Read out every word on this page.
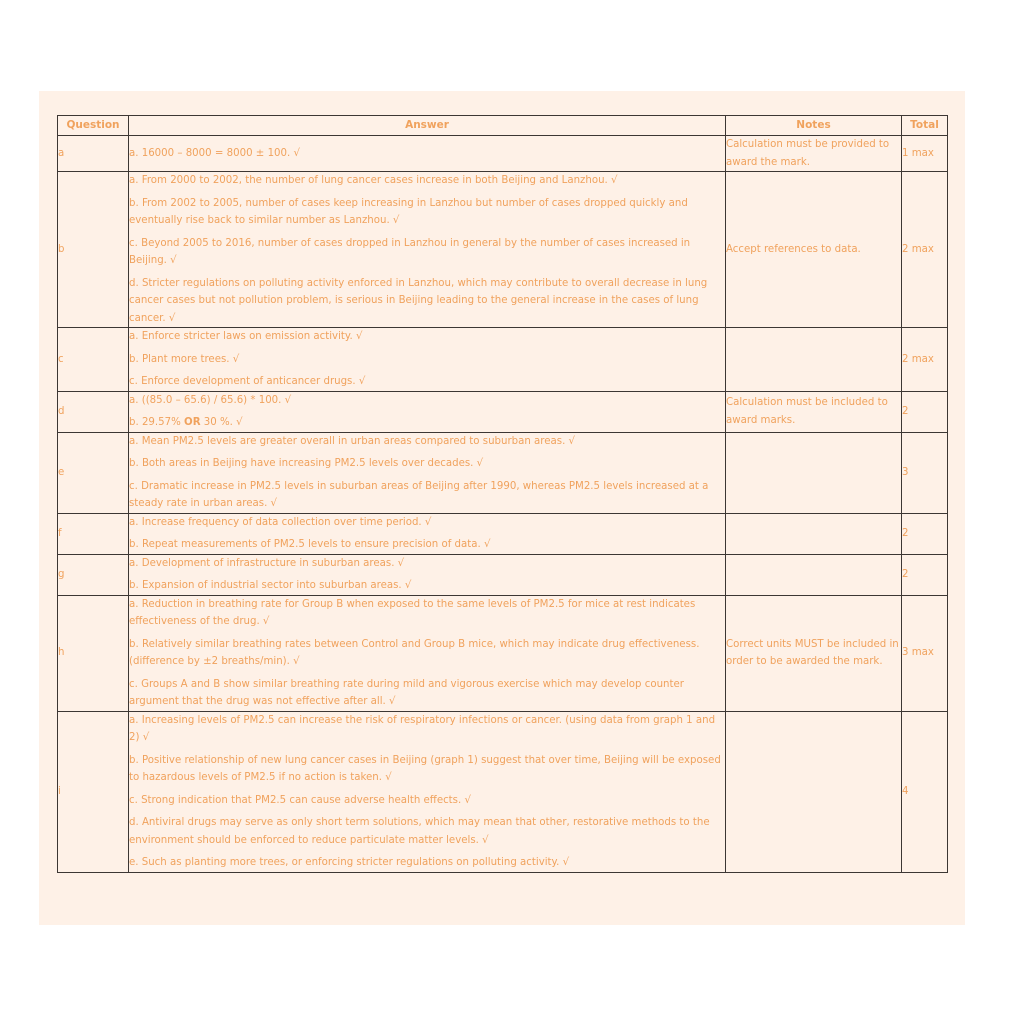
Question	Answer	Notes	Total
a	a. 16000 – 8000 = 8000 ± 100. √	Calculation must be provided to award the mark.	1 max
b	a. From 2000 to 2002, the number of lung cancer cases increase in both Beijing and Lanzhou. √

b. From 2002 to 2005, number of cases keep increasing in Lanzhou but number of cases dropped quickly and eventually rise back to similar number as Lanzhou. √

c. Beyond 2005 to 2016, number of cases dropped in Lanzhou in general by the number of cases increased in Beijing. √

d. Stricter regulations on polluting activity enforced in Lanzhou, which may contribute to overall decrease in lung cancer cases but not pollution problem, is serious in Beijing leading to the general increase in the cases of lung cancer. √	Accept references to data.	2 max
c	a. Enforce stricter laws on emission activity. √

b. Plant more trees. √

c. Enforce development of anticancer drugs. √		2 max
d	a. ((85.0 – 65.6) / 65.6) * 100. √

b. 29.57% OR 30 %. √	Calculation must be included to award marks.	2
e	a. Mean PM2.5 levels are greater overall in urban areas compared to suburban areas. √

b. Both areas in Beijing have increasing PM2.5 levels over decades. √

c. Dramatic increase in PM2.5 levels in suburban areas of Beijing after 1990, whereas PM2.5 levels increased at a steady rate in urban areas. √		3
f	a. Increase frequency of data collection over time period. √

b. Repeat measurements of PM2.5 levels to ensure precision of data. √		2
g	a. Development of infrastructure in suburban areas. √

b. Expansion of industrial sector into suburban areas. √		2
h	a. Reduction in breathing rate for Group B when exposed to the same levels of PM2.5 for mice at rest indicates effectiveness of the drug. √

b. Relatively similar breathing rates between Control and Group B mice, which may indicate drug effectiveness. (difference by ±2 breaths/min). √

c. Groups A and B show similar breathing rate during mild and vigorous exercise which may develop counter argument that the drug was not effective after all. √	Correct units MUST be included in order to be awarded the mark.	3 max
i	a. Increasing levels of PM2.5 can increase the risk of respiratory infections or cancer. (using data from graph 1 and 2) √

b. Positive relationship of new lung cancer cases in Beijing (graph 1) suggest that over time, Beijing will be exposed to hazardous levels of PM2.5 if no action is taken. √

c. Strong indication that PM2.5 can cause adverse health effects. √

d. Antiviral drugs may serve as only short term solutions, which may mean that other, restorative methods to the environment should be enforced to reduce particulate matter levels. √

e. Such as planting more trees, or enforcing stricter regulations on polluting activity. √		4
